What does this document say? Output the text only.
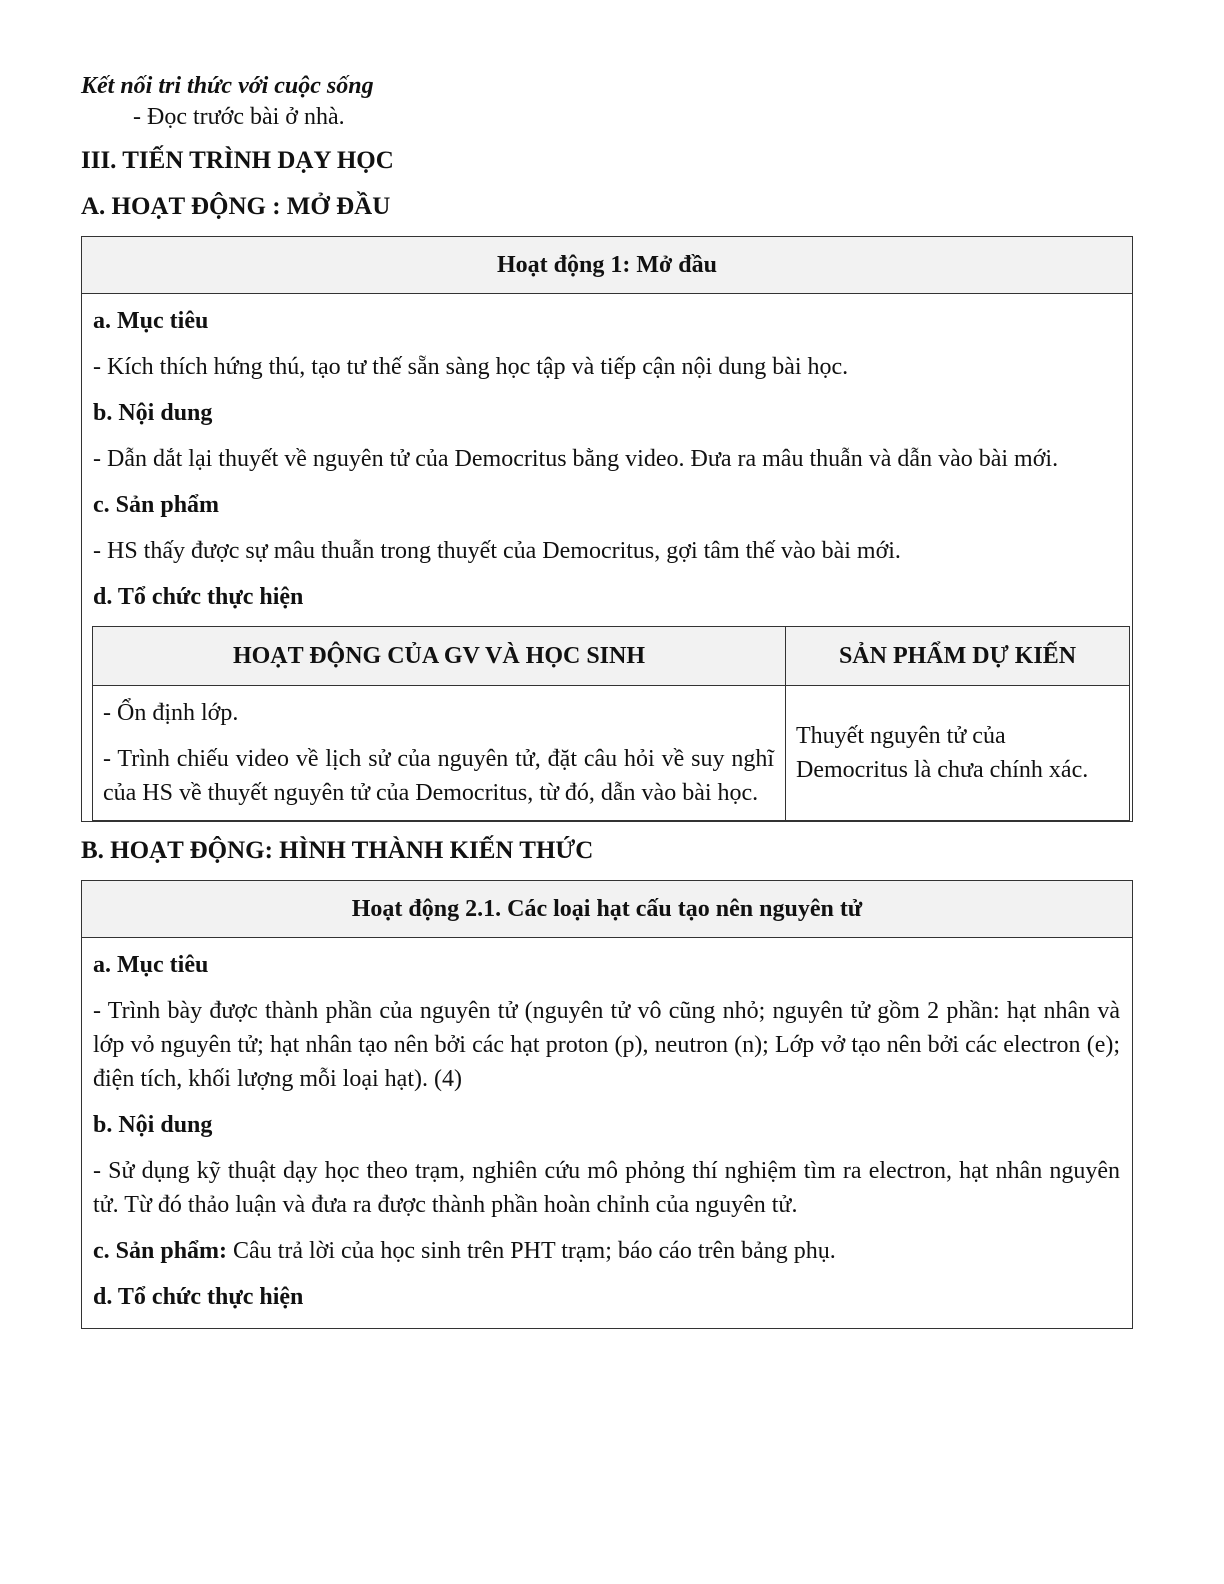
Kết nối tri thức với cuộc sống

- Đọc trước bài ở nhà.

III. TIẾN TRÌNH DẠY HỌC

A. HOẠT ĐỘNG : MỞ ĐẦU

Hoạt động 1: Mở đầu

a. Mục tiêu

- Kích thích hứng thú, tạo tư thế sẵn sàng học tập và tiếp cận nội dung bài học.

b. Nội dung

- Dẫn dắt lại thuyết về nguyên tử của Democritus bằng video. Đưa ra mâu thuẫn và dẫn vào bài mới.

c. Sản phẩm

- HS thấy được sự mâu thuẫn trong thuyết của Democritus, gợi tâm thế vào bài mới.

d. Tổ chức thực hiện

HOẠT ĐỘNG CỦA GV VÀ HỌC SINH	SẢN PHẨM DỰ KIẾN

- Ổn định lớp.

- Trình chiếu video về lịch sử của nguyên tử, đặt câu hỏi về suy nghĩ của HS về thuyết nguyên tử của Democritus, từ đó, dẫn vào bài học.	Thuyết nguyên tử của Democritus là chưa chính xác.

B. HOẠT ĐỘNG: HÌNH THÀNH KIẾN THỨC

Hoạt động 2.1. Các loại hạt cấu tạo nên nguyên tử

a. Mục tiêu

- Trình bày được thành phần của nguyên tử (nguyên tử vô cũng nhỏ; nguyên tử gồm 2 phần: hạt nhân và lớp vỏ nguyên tử; hạt nhân tạo nên bởi các hạt proton (p), neutron (n); Lớp vở tạo nên bởi các electron (e); điện tích, khối lượng mỗi loại hạt). (4)

b. Nội dung

- Sử dụng kỹ thuật dạy học theo trạm, nghiên cứu mô phỏng thí nghiệm tìm ra electron, hạt nhân nguyên tử. Từ đó thảo luận và đưa ra được thành phần hoàn chỉnh của nguyên tử.

c. Sản phẩm: Câu trả lời của học sinh trên PHT trạm; báo cáo trên bảng phụ.

d. Tổ chức thực hiện
